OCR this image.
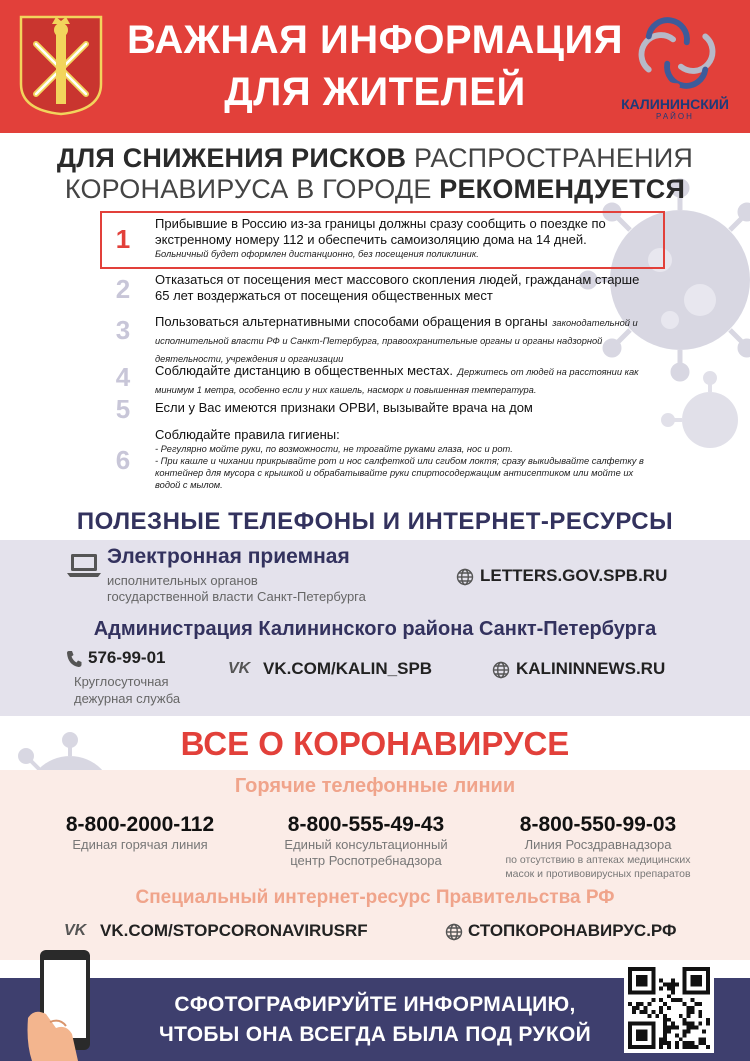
ВАЖНАЯ ИНФОРМАЦИЯ
ДЛЯ ЖИТЕЛЕЙ	КАЛИНИНСКИЙ
РАЙОН
ДЛЯ СНИЖЕНИЯ РИСКОВ РАСПРОСТРАНЕНИЯ
КОРОНАВИРУСА В ГОРОДЕ РЕКОМЕНДУЕТСЯ
1
Прибывшие в Россию из-за границы должны сразу сообщить о поездке по экстренному номеру 112 и обеспечить самоизоляцию дома на 14 дней.
Больничный будет оформлен дистанционно, без посещения поликлиник.
2	Отказаться от посещения мест массового скопления людей, гражданам старше 65 лет воздержаться от посещения общественных мест
3	Пользоваться альтернативными способами обращения в органы законодательной и исполнительной власти РФ и Санкт-Петербурга, правоохранительные органы и органы надзорной деятельности, учреждения и организации
4	Соблюдайте дистанцию в общественных местах. Держитесь от людей на расстоянии как минимум 1 метра, особенно если у них кашель, насморк и повышенная температура.
5	Если у Вас имеются признаки ОРВИ, вызывайте врача на дом
6
Соблюдайте правила гигиены:
- Регулярно мойте руки, по возможности, не трогайте руками глаза, нос и рот.
- При кашле и чихании прикрывайте рот и нос салфеткой или сгибом локтя; сразу выкидывайте салфетку в контейнер для мусора с крышкой и обрабатывайте руки спиртосодержащим антисептиком или мойте их водой с мылом.
ПОЛЕЗНЫЕ ТЕЛЕФОНЫ И ИНТЕРНЕТ-РЕСУРСЫ
Электронная приемная
исполнительных органов
государственной власти Санкт-Петербурга
LETTERS.GOV.SPB.RU
Администрация Калининского района Санкт-Петербурга
576-99-01
Круглосуточная
дежурная служба
VK VK.COM/KALIN_SPB	KALININNEWS.RU
ВСЕ О КОРОНАВИРУСЕ
Горячие телефонные линии
8-800-2000-112
Единая горячая линия
8-800-555-49-43
Единый консультационный
центр Роспотребнадзора
8-800-550-99-03
Линия Росздравнадзора
по отсутствию в аптеках медицинских
масок и противовирусных препаратов
Специальный интернет-ресурс Правительства РФ
VK VK.COM/STOPCORONAVIRUSRF	СТОПКОРОНАВИРУС.РФ
СФОТОГРАФИРУЙТЕ ИНФОРМАЦИЮ,
ЧТОБЫ ОНА ВСЕГДА БЫЛА ПОД РУКОЙ
